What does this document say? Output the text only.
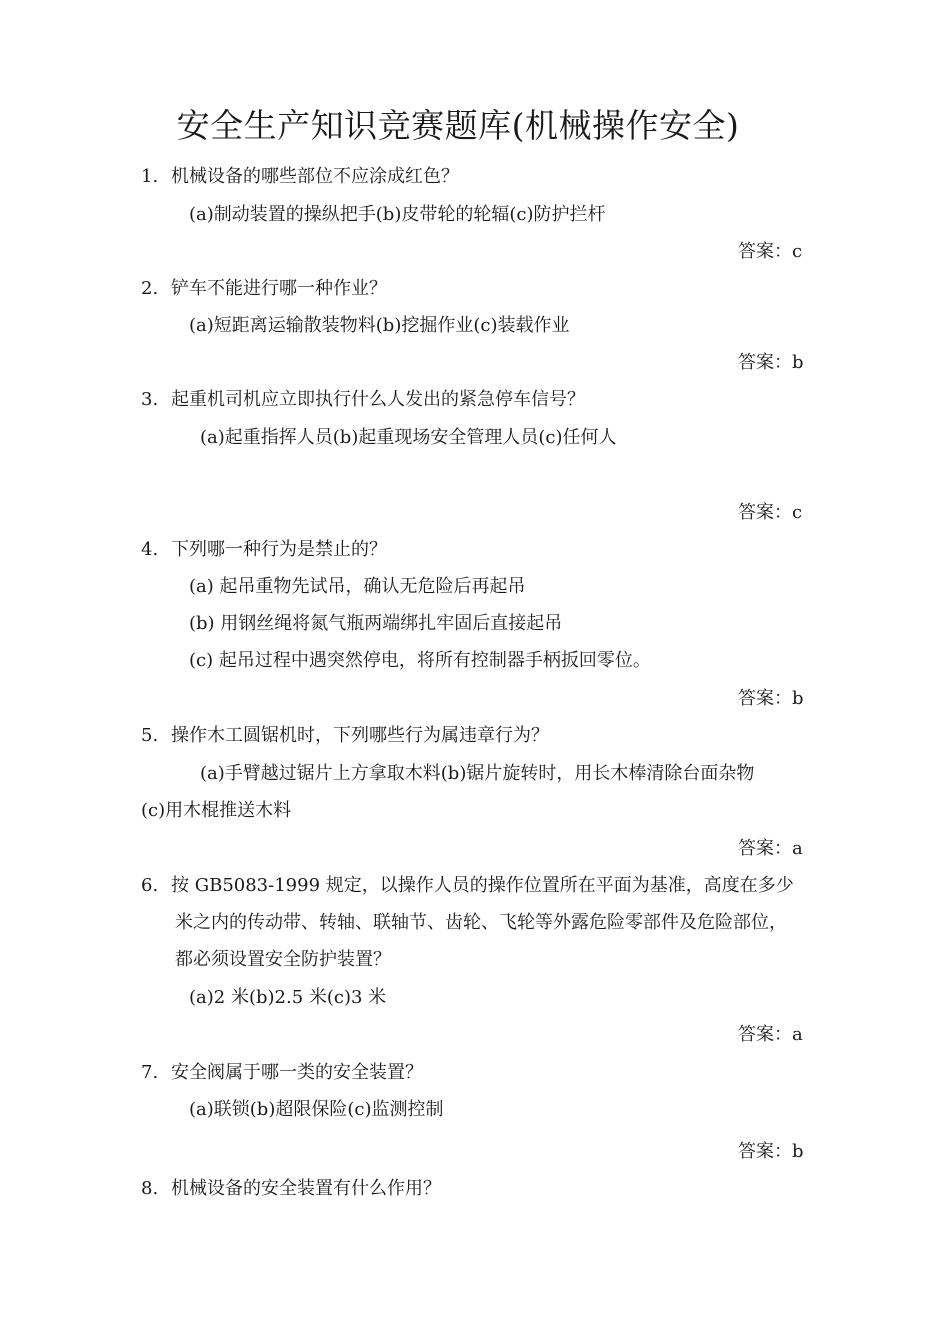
安全生产知识竞赛题库(机械操作安全)
1. 机械设备的哪些部位不应涂成红色？
(a)制动装置的操纵把手(b)皮带轮的轮辐(c)防护拦杆
答案：c
2. 铲车不能进行哪一种作业？
(a)短距离运输散装物料(b)挖掘作业(c)装载作业
答案：b
3. 起重机司机应立即执行什么人发出的紧急停车信号？
(a)起重指挥人员(b)起重现场安全管理人员(c)任何人
答案：c
4. 下列哪一种行为是禁止的？
(a) 起吊重物先试吊，确认无危险后再起吊
(b) 用钢丝绳将氮气瓶两端绑扎牢固后直接起吊
(c) 起吊过程中遇突然停电，将所有控制器手柄扳回零位。
答案：b
5. 操作木工圆锯机时，下列哪些行为属违章行为？
(a)手臂越过锯片上方拿取木料(b)锯片旋转时，用长木棒清除台面杂物
(c)用木棍推送木料
答案：a
6. 按 GB5083-1999 规定，以操作人员的操作位置所在平面为基准，高度在多少
米之内的传动带、转轴、联轴节、齿轮、飞轮等外露危险零部件及危险部位，
都必须设置安全防护装置？
(a)2 米(b)2.5 米(c)3 米
答案：a
7. 安全阀属于哪一类的安全装置？
(a)联锁(b)超限保险(c)监测控制
答案：b
8. 机械设备的安全装置有什么作用？
